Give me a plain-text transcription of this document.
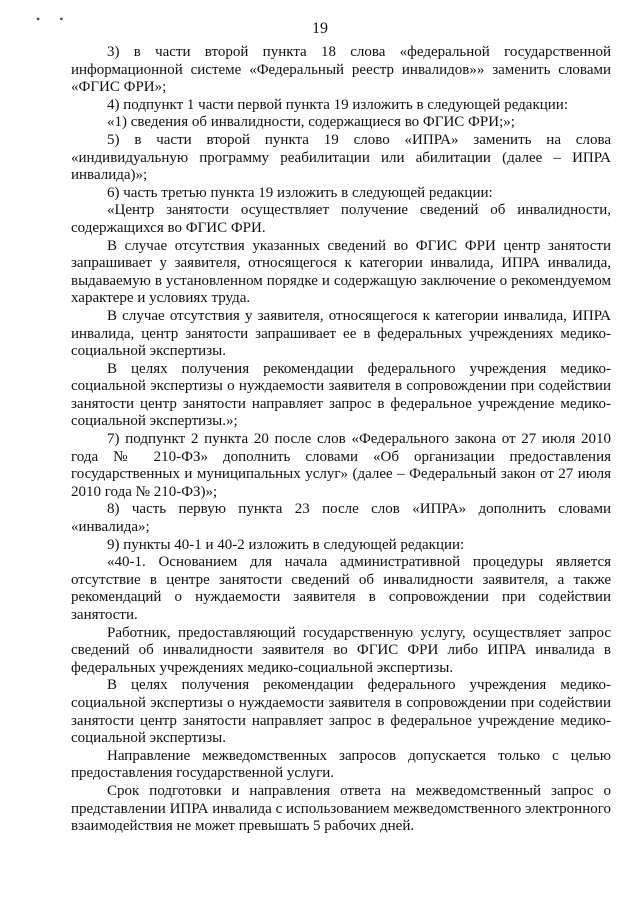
• •
19

3) в части второй пункта 18 слова «федеральной государственной информационной системе «Федеральный реестр инвалидов»» заменить словами «ФГИС ФРИ»;

4) подпункт 1 части первой пункта 19 изложить в следующей редакции:

«1) сведения об инвалидности, содержащиеся во ФГИС ФРИ;»;

5) в части второй пункта 19 слово «ИПРА» заменить на слова «индивидуальную программу реабилитации или абилитации (далее – ИПРА инвалида)»;

6) часть третью пункта 19 изложить в следующей редакции:

«Центр занятости осуществляет получение сведений об инвалидности, содержащихся во ФГИС ФРИ.

В случае отсутствия указанных сведений во ФГИС ФРИ центр занятости запрашивает у заявителя, относящегося к категории инвалида, ИПРА инвалида, выдаваемую в установленном порядке и содержащую заключение о рекомендуемом характере и условиях труда.

В случае отсутствия у заявителя, относящегося к категории инвалида, ИПРА инвалида, центр занятости запрашивает ее в федеральных учреждениях медико-социальной экспертизы.

В целях получения рекомендации федерального учреждения медико-социальной экспертизы о нуждаемости заявителя в сопровождении при содействии занятости центр занятости направляет запрос в федеральное учреждение медико-социальной экспертизы.»;

7) подпункт 2 пункта 20 после слов «Федерального закона от 27 июля 2010 года № 210-ФЗ» дополнить словами «Об организации предоставления государственных и муниципальных услуг» (далее – Федеральный закон от 27 июля 2010 года № 210-ФЗ)»;

8) часть первую пункта 23 после слов «ИПРА» дополнить словами «инвалида»;

9) пункты 40-1 и 40-2 изложить в следующей редакции:

«40-1. Основанием для начала административной процедуры является отсутствие в центре занятости сведений об инвалидности заявителя, а также рекомендаций о нуждаемости заявителя в сопровождении при содействии занятости.

Работник, предоставляющий государственную услугу, осуществляет запрос сведений об инвалидности заявителя во ФГИС ФРИ либо ИПРА инвалида в федеральных учреждениях медико-социальной экспертизы.

В целях получения рекомендации федерального учреждения медико-социальной экспертизы о нуждаемости заявителя в сопровождении при содействии занятости центр занятости направляет запрос в федеральное учреждение медико-социальной экспертизы.

Направление межведомственных запросов допускается только с целью предоставления государственной услуги.

Срок подготовки и направления ответа на межведомственный запрос о представлении ИПРА инвалида с использованием межведомственного электронного взаимодействия не может превышать 5 рабочих дней.
